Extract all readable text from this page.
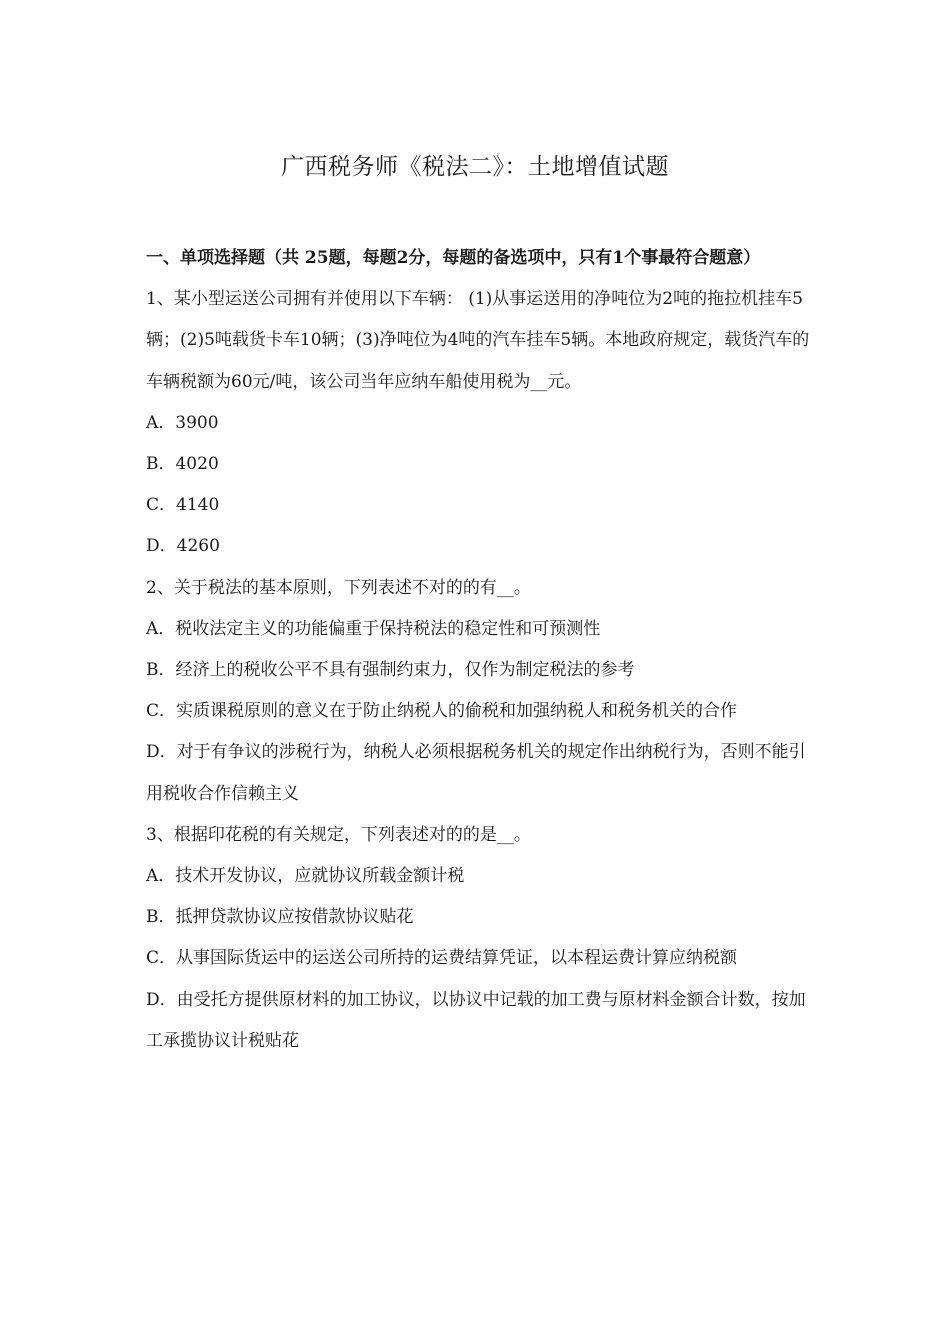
广西税务师《税法二》：土地增值试题

一、单项选择题（共 25题，每题2分，每题的备选项中，只有1个事最符合题意）

1、某小型运送公司拥有并使用以下车辆： (1)从事运送用的净吨位为2吨的拖拉机挂车5辆；(2)5吨载货卡车10辆；(3)净吨位为4吨的汽车挂车5辆。本地政府规定，载货汽车的车辆税额为60元/吨，该公司当年应纳车船使用税为__元。

A．3900

B．4020

C．4140

D．4260

2、关于税法的基本原则，下列表述不对的的有__。

A．税收法定主义的功能偏重于保持税法的稳定性和可预测性

B．经济上的税收公平不具有强制约束力，仅作为制定税法的参考

C．实质课税原则的意义在于防止纳税人的偷税和加强纳税人和税务机关的合作

D．对于有争议的涉税行为，纳税人必须根据税务机关的规定作出纳税行为，否则不能引用税收合作信赖主义

3、根据印花税的有关规定，下列表述对的的是__。

A．技术开发协议，应就协议所载金额计税

B．抵押贷款协议应按借款协议贴花

C．从事国际货运中的运送公司所持的运费结算凭证，以本程运费计算应纳税额

D．由受托方提供原材料的加工协议，以协议中记载的加工费与原材料金额合计数，按加工承揽协议计税贴花
